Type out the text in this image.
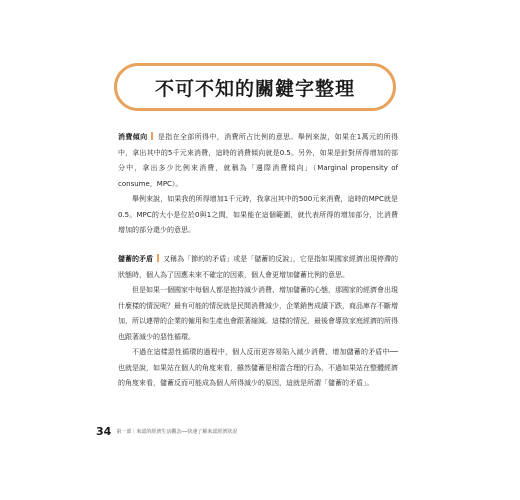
不可不知的關鍵字整理

消費傾向 是指在全部所得中，消費所占比例的意思。舉例來說，如果在1萬元的所得中，拿出其中的5千元來消費，這時的消費傾向就是0.5。另外，如果是針對所得增加的部分中，拿出多少比例來消費，就稱為「邊際消費傾向」（Marginal propensity of consume，MPC）。

舉例來說，如果我的所得增加1千元時，我拿出其中的500元來消費，這時的MPC就是0.5。MPC的大小是位於0與1之間，如果能在這個範圍，就代表所得的增加部分，比消費增加的部分還少的意思。

儲蓄的矛盾 又稱為「節約的矛盾」或是「儲蓄的反說」，它是指如果國家經濟出現停滯的狀態時，個人為了因應未來不確定的因素，個人會更增加儲蓄比例的意思。

但是如果一個國家中每個人都是抱持減少消費、增加儲蓄的心態，那國家的經濟會出現什麼樣的情況呢？最有可能的情況就是民間消費減少，企業銷售成績下跌，商品庫存不斷增加，所以連帶的企業的僱用和生產也會跟著縮減。這樣的情況，最後會導致家庭經濟的所得也跟著減少的惡性循環。

不過在這樣惡性循環的過程中，個人反而更容易陷入減少消費、增加儲蓄的矛盾中──也就是說，如果站在個人的角度來看，雖然儲蓄是相當合理的行為，不過如果站在整體經濟的角度來看，儲蓄反而可能成為個人所得減少的原因，這就是所謂「儲蓄的矛盾」。

34 第一部｜來認的經濟生活觀念──快速了解來認經濟狀況
